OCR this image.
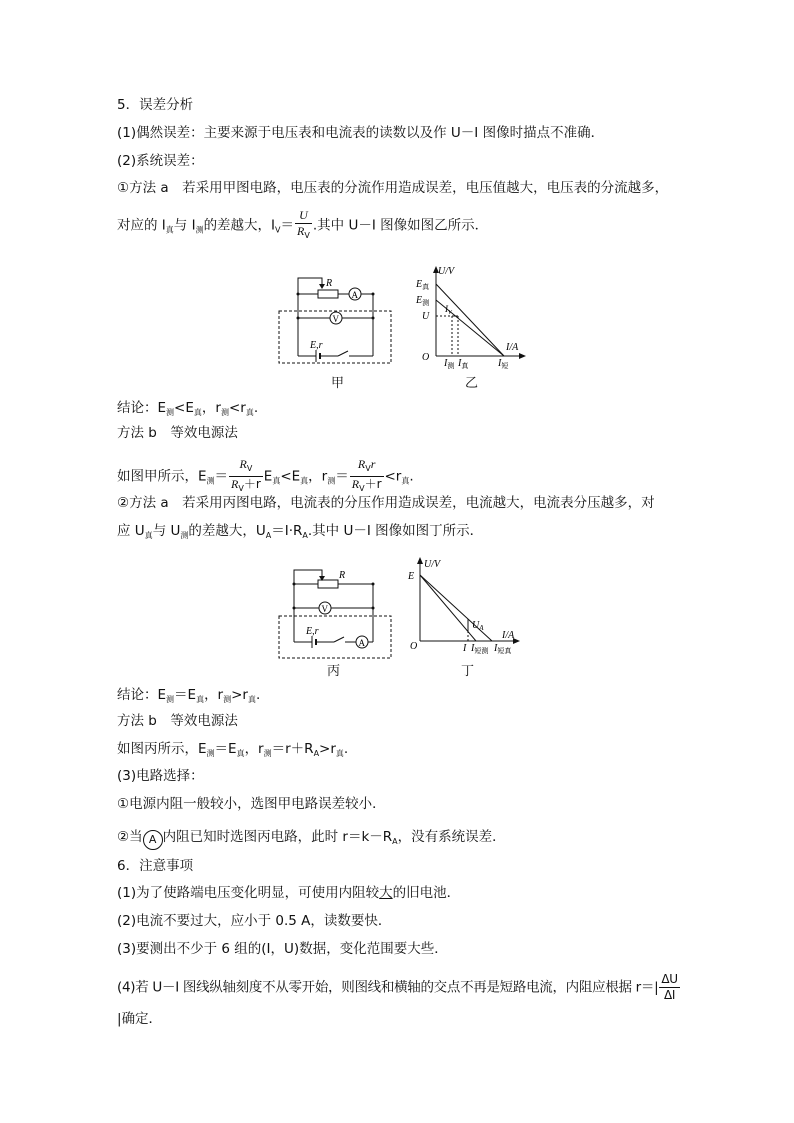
5．误差分析
(1)偶然误差：主要来源于电压表和电流表的读数以及作 U－I 图像时描点不准确．
(2)系统误差：
①方法 a　若采用甲图电路，电压表的分流作用造成误差，电压值越大，电压表的分流越多，
对应的 $I_真$与 $I_测$的差越大，$I_V= \frac{U}{R_V}$ .其中 U－I 图像如图乙所示．
R
A
V
E,r
甲
U/V
I/A
O
$E_真$
$E_测$
U
$I_V$
$I_测$ $I_真$	$I_短$
乙
结论：$E_测<E_真$，$r_测<r_真$.
方法 b　等效电源法
如图甲所示，$E_测= \frac{R_V}{R_V+r} E_真<E_真$，$r_测= \frac{R_Vr}{R_V+r} <r_真$.
②方法 a　若采用丙图电路，电流表的分压作用造成误差，电流越大，电流表分压越多，对
应 $U_真$与 $U_测$的差越大，$U_A=I\cdot R_A$.其中 U－I 图像如图丁所示．
R
V
A
E,r
丙
U/V
I/A
O
E
$U_A$
I $I_{短测}$ $I_{短真}$
丁
结论：$E_测=E_真$，$r_测>r_真$.
方法 b　等效电源法
如图丙所示，$E_测=E_真$，$r_测=r+R_A>r_真$.
(3)电路选择：
①电源内阻一般较小，选图甲电路误差较小．
②当 A 内阻已知时选图丙电路，此时 $r=k-R_A$，没有系统误差．
6．注意事项
(1)为了使路端电压变化明显，可使用内阻较大的旧电池．
(2)电流不要过大，应小于 0.5 A，读数要快．
(3)要测出不少于 6 组的(I，U)数据，变化范围要大些．
(4)若 U－I 图线纵轴刻度不从零开始，则图线和横轴的交点不再是短路电流，内阻应根据 $r=| \frac{\Delta U}{\Delta I}$
|确定．
